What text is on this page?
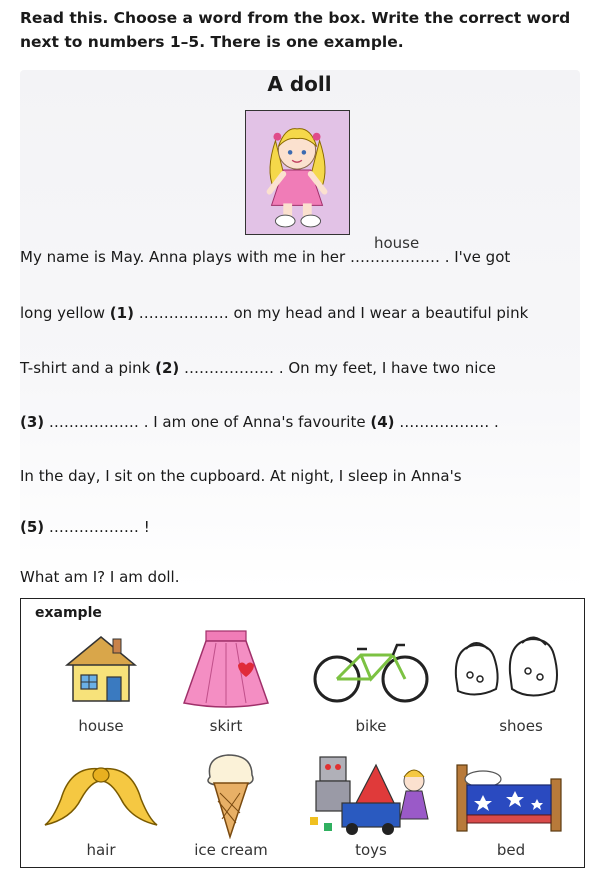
Read this. Choose a word from the box. Write the correct word next to numbers 1–5. There is one example.

A doll

My name is May. Anna plays with me in her
house
……………… . I've got

long yellow (1) ……………… on my head and I wear a beautiful pink

T-shirt and a pink (2) ……………… . On my feet, I have two nice

(3) ……………… . I am one of Anna's favourite (4) ……………… .

In the day, I sit on the cupboard. At night, I sleep in Anna's

(5) ……………… !

What am I? I am doll.

example

house	skirt	bike	shoes
hair	ice cream	toys	bed
